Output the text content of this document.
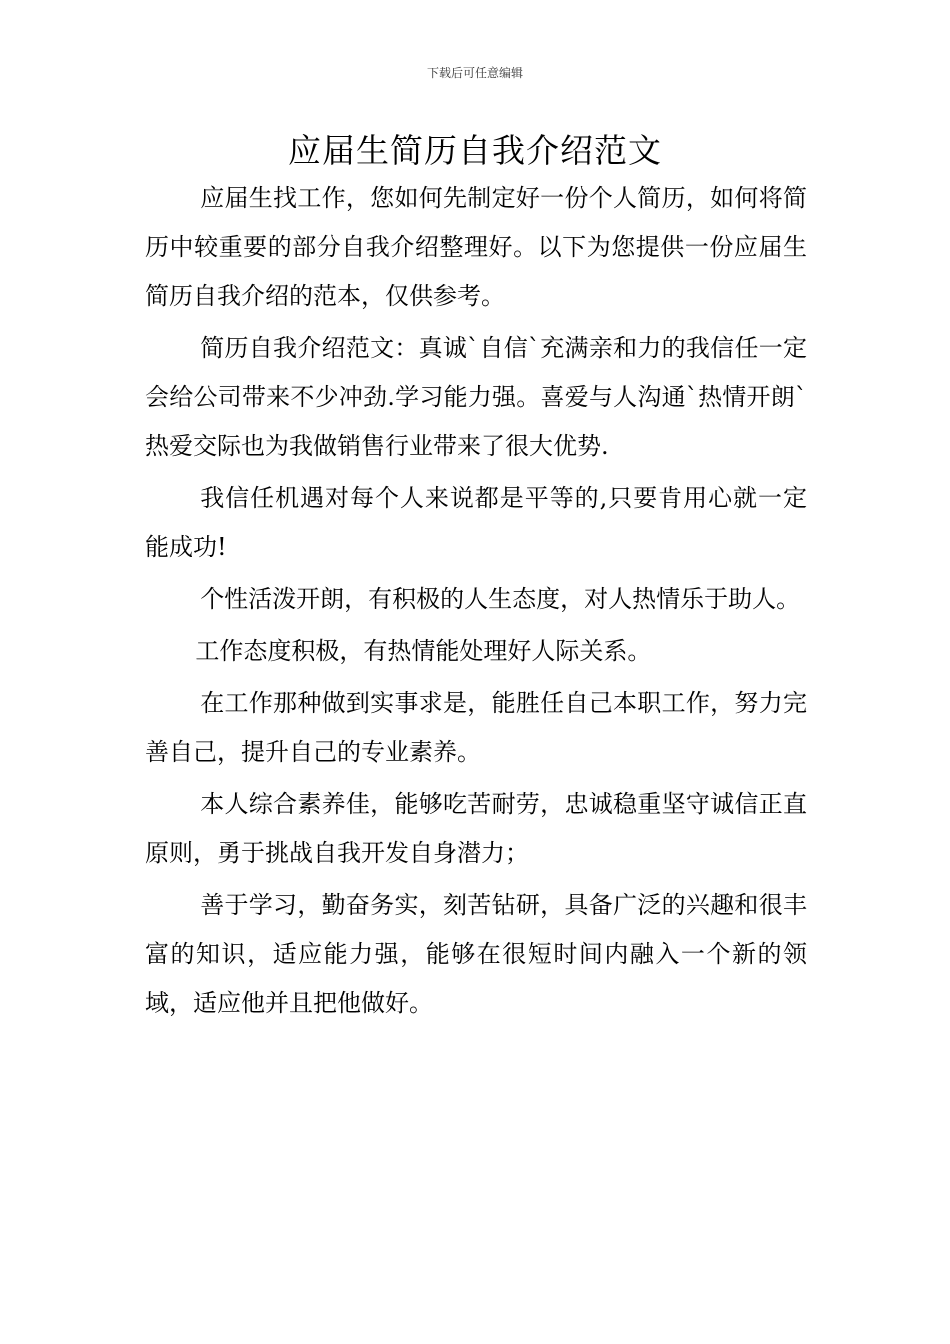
下载后可任意编辑
应届生简历自我介绍范文

应届生找工作，您如何先制定好一份个人简历，如何将简历中较重要的部分自我介绍整理好。以下为您提供一份应届生简历自我介绍的范本，仅供参考。

简历自我介绍范文：真诚`自信`充满亲和力的我信任一定会给公司带来不少冲劲.学习能力强。喜爱与人沟通`热情开朗`热爱交际也为我做销售行业带来了很大优势.

我信任机遇对每个人来说都是平等的,只要肯用心就一定能成功!

个性活泼开朗，有积极的人生态度，对人热情乐于助人。

工作态度积极，有热情能处理好人际关系。

在工作那种做到实事求是，能胜任自己本职工作，努力完善自己，提升自己的专业素养。

本人综合素养佳，能够吃苦耐劳，忠诚稳重坚守诚信正直原则，勇于挑战自我开发自身潜力；

善于学习，勤奋务实，刻苦钻研，具备广泛的兴趣和很丰富的知识，适应能力强，能够在很短时间内融入一个新的领域，适应他并且把他做好。
